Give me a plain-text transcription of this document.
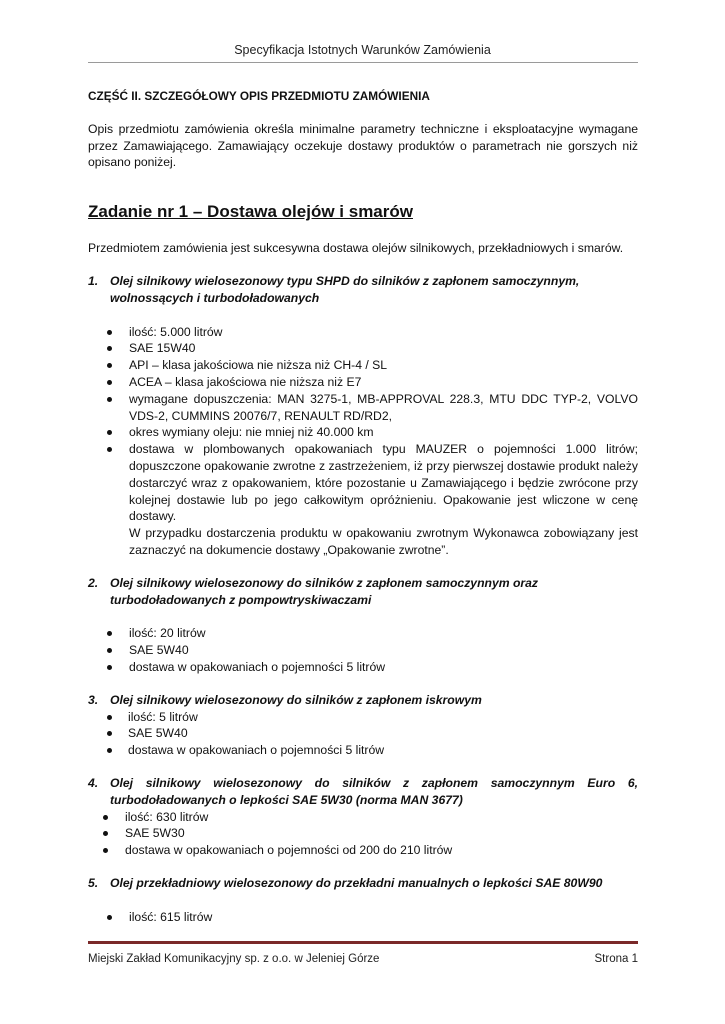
Specyfikacja Istotnych Warunków Zamówienia

CZĘŚĆ II. SZCZEGÓŁOWY OPIS PRZEDMIOTU ZAMÓWIENIA

Opis przedmiotu zamówienia określa minimalne parametry techniczne i eksploatacyjne wymagane przez Zamawiającego. Zamawiający oczekuje dostawy produktów o parametrach nie gorszych niż opisano poniżej.

Zadanie nr 1 – Dostawa olejów i smarów

Przedmiotem zamówienia jest sukcesywna dostawa olejów silnikowych, przekładniowych i smarów.

1. Olej silnikowy wielosezonowy typu SHPD do silników z zapłonem samoczynnym, wolnossących i turbodoładowanych
ilość: 5.000 litrów
SAE 15W40
API – klasa jakościowa nie niższa niż CH-4 / SL
ACEA – klasa jakościowa nie niższa niż E7
wymagane dopuszczenia: MAN 3275-1, MB-APPROVAL 228.3, MTU DDC TYP-2, VOLVO VDS-2, CUMMINS 20076/7, RENAULT RD/RD2,
okres wymiany oleju: nie mniej niż 40.000 km
dostawa w plombowanych opakowaniach typu MAUZER o pojemności 1.000 litrów; dopuszczone opakowanie zwrotne z zastrzeżeniem, iż przy pierwszej dostawie produkt należy dostarczyć wraz z opakowaniem, które pozostanie u Zamawiającego i będzie zwrócone przy kolejnej dostawie lub po jego całkowitym opróżnieniu. Opakowanie jest wliczone w cenę dostawy.

W przypadku dostarczenia produktu w opakowaniu zwrotnym Wykonawca zobowiązany jest zaznaczyć na dokumencie dostawy „Opakowanie zwrotne”.

2. Olej silnikowy wielosezonowy do silników z zapłonem samoczynnym oraz turbodoładowanych z pompowtryskiwaczami
ilość: 20 litrów
SAE 5W40
dostawa w opakowaniach o pojemności 5 litrów
3. Olej silnikowy wielosezonowy do silników z zapłonem iskrowym
ilość: 5 litrów
SAE 5W40
dostawa w opakowaniach o pojemności 5 litrów
4. Olej silnikowy wielosezonowy do silników z zapłonem samoczynnym Euro 6, turbodoładowanych o lepkości SAE 5W30 (norma MAN 3677)
ilość: 630 litrów
SAE 5W30
dostawa w opakowaniach o pojemności od 200 do 210 litrów
5. Olej przekładniowy wielosezonowy do przekładni manualnych o lepkości SAE 80W90
ilość: 615 litrów
Miejski Zakład Komunikacyjny sp. z o.o. w Jeleniej Górze	Strona 1
